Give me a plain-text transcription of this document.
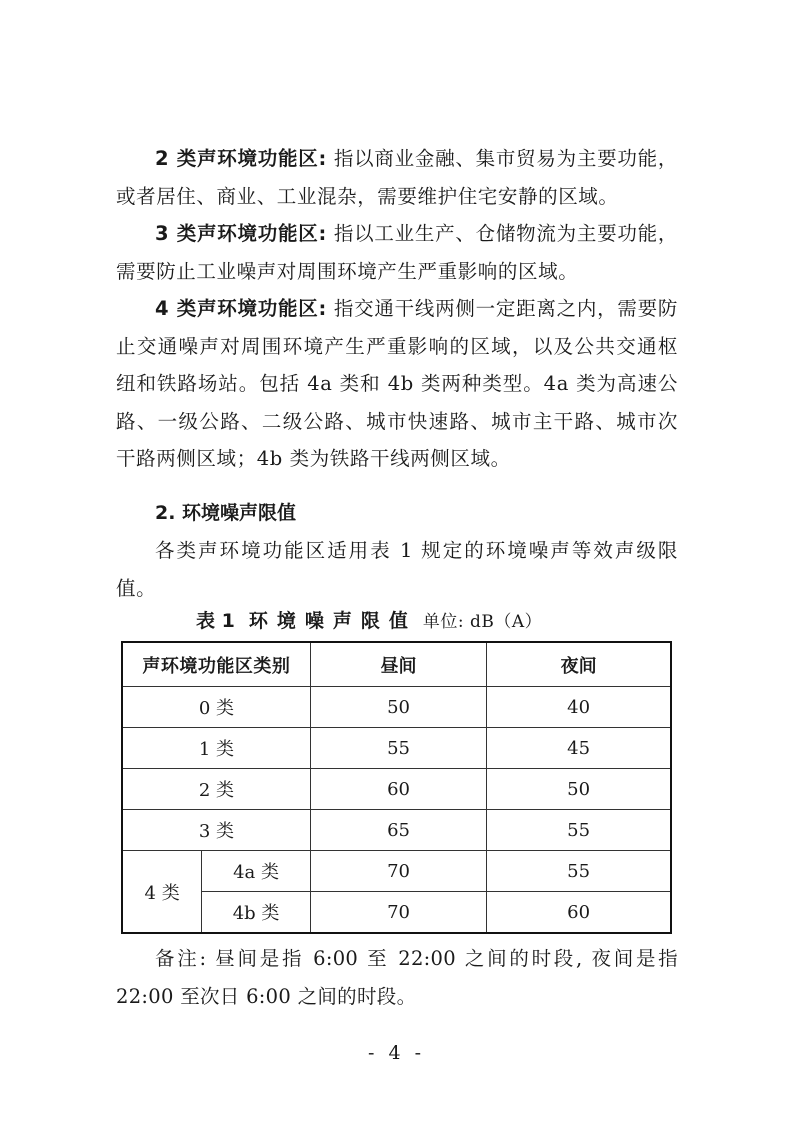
2 类声环境功能区: 指以商业金融、集市贸易为主要功能，或者居住、商业、工业混杂，需要维护住宅安静的区域。

3 类声环境功能区: 指以工业生产、仓储物流为主要功能，需要防止工业噪声对周围环境产生严重影响的区域。

4 类声环境功能区: 指交通干线两侧一定距离之内，需要防止交通噪声对周围环境产生严重影响的区域，以及公共交通枢纽和铁路场站。包括 4a 类和 4b 类两种类型。4a 类为高速公路、一级公路、二级公路、城市快速路、城市主干路、城市次干路两侧区域；4b 类为铁路干线两侧区域。

2. 环境噪声限值

各类声环境功能区适用表 1 规定的环境噪声等效声级限值。

表 1 环境噪声限值 单位: dB（A）
声环境功能区类别		昼间	夜间
0 类		50	40
1 类		55	45
2 类		60	50
3 类		65	55
4 类	4a 类	70	55
	4b 类	70	60

备注: 昼间是指 6:00 至 22:00 之间的时段, 夜间是指 22:00 至次日 6:00 之间的时段。

- 4 -
